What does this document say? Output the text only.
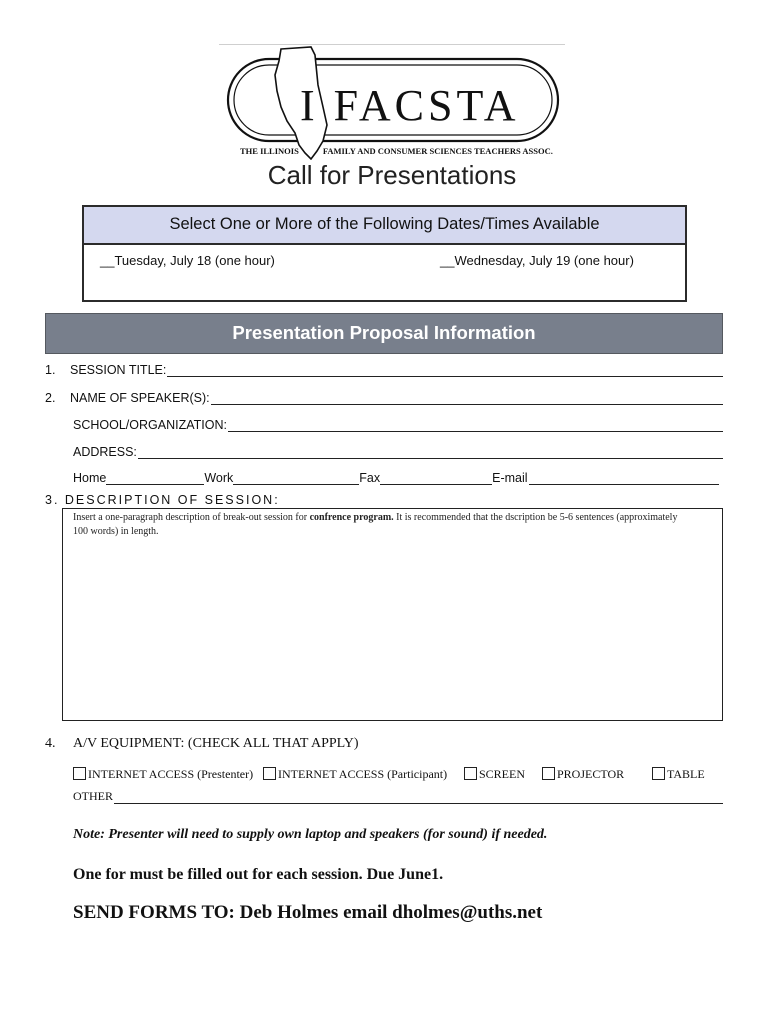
I FACSTA
THE ILLINOIS	FAMILY AND CONSUMER SCIENCES TEACHERS ASSOC.
Call for Presentations
Select One or More of the Following Dates/Times Available
__Tuesday, July 18 (one hour)	__Wednesday, July 19 (one hour)
Presentation Proposal Information
1.	SESSION TITLE:
2.	NAME OF SPEAKER(S):
SCHOOL/ORGANIZATION:
ADDRESS:
Home	Work	Fax	E-mail
3. DESCRIPTION OF SESSION:
Insert a one-paragraph description of break-out session for confrence program. It is recommended that the dscription be 5-6 sentences (approximately 100 words) in length.
4. A/V EQUIPMENT: (CHECK ALL THAT APPLY)
INTERNET ACCESS (Prestenter)	INTERNET ACCESS (Participant)	SCREEN	PROJECTOR	TABLE
OTHER
Note: Presenter will need to supply own laptop and speakers (for sound) if needed.
One for must be filled out for each session. Due June1.
SEND FORMS TO: Deb Holmes email dholmes@uths.net
